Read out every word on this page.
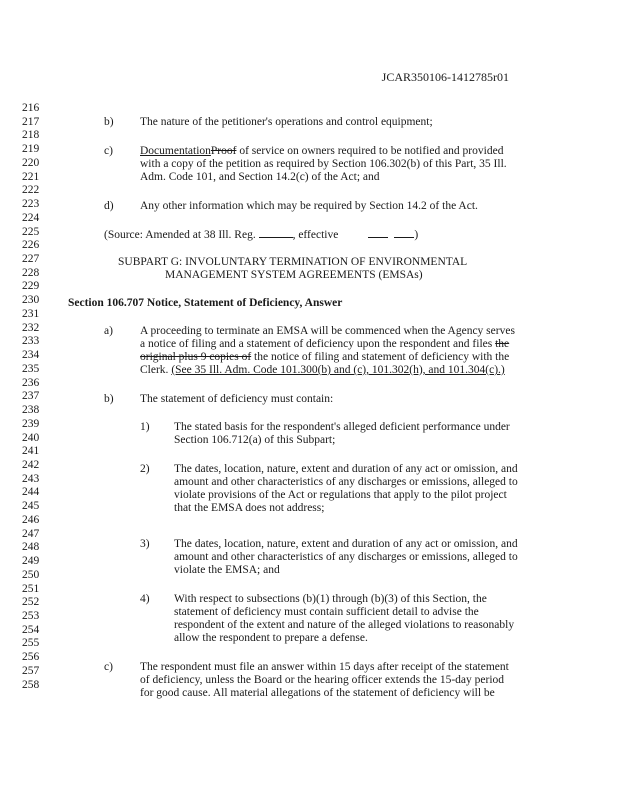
JCAR350106-1412785r01
216
217
218
219
220
221
222
223
224
225
226
227
228
229
230
231
232
233
234
235
236
237
238
239
240
241
242
243
244
245
246
247
248
249
250
251
252
253
254
255
256
257
258
b) The nature of the petitioner's operations and control equipment;
c) DocumentationProof of service on owners required to be notified and provided
with a copy of the petition as required by Section 106.302(b) of this Part, 35 Ill.
Adm. Code 101, and Section 14.2(c) of the Act; and
d) Any other information which may be required by Section 14.2 of the Act.
(Source: Amended at 38 Ill. Reg.	, effective	)
SUBPART G: INVOLUNTARY TERMINATION OF ENVIRONMENTAL
MANAGEMENT SYSTEM AGREEMENTS (EMSAs)
Section 106.707 Notice, Statement of Deficiency, Answer
a) A proceeding to terminate an EMSA will be commenced when the Agency serves
a notice of filing and a statement of deficiency upon the respondent and files the
original plus 9 copies of the notice of filing and statement of deficiency with the
Clerk. (See 35 Ill. Adm. Code 101.300(b) and (c), 101.302(h), and 101.304(c).)
b) The statement of deficiency must contain:
1) The stated basis for the respondent's alleged deficient performance under
Section 106.712(a) of this Subpart;
2) The dates, location, nature, extent and duration of any act or omission, and
amount and other characteristics of any discharges or emissions, alleged to
violate provisions of the Act or regulations that apply to the pilot project
that the EMSA does not address;
3) The dates, location, nature, extent and duration of any act or omission, and
amount and other characteristics of any discharges or emissions, alleged to
violate the EMSA; and
4) With respect to subsections (b)(1) through (b)(3) of this Section, the
statement of deficiency must contain sufficient detail to advise the
respondent of the extent and nature of the alleged violations to reasonably
allow the respondent to prepare a defense.
c) The respondent must file an answer within 15 days after receipt of the statement
of deficiency, unless the Board or the hearing officer extends the 15-day period
for good cause. All material allegations of the statement of deficiency will be
